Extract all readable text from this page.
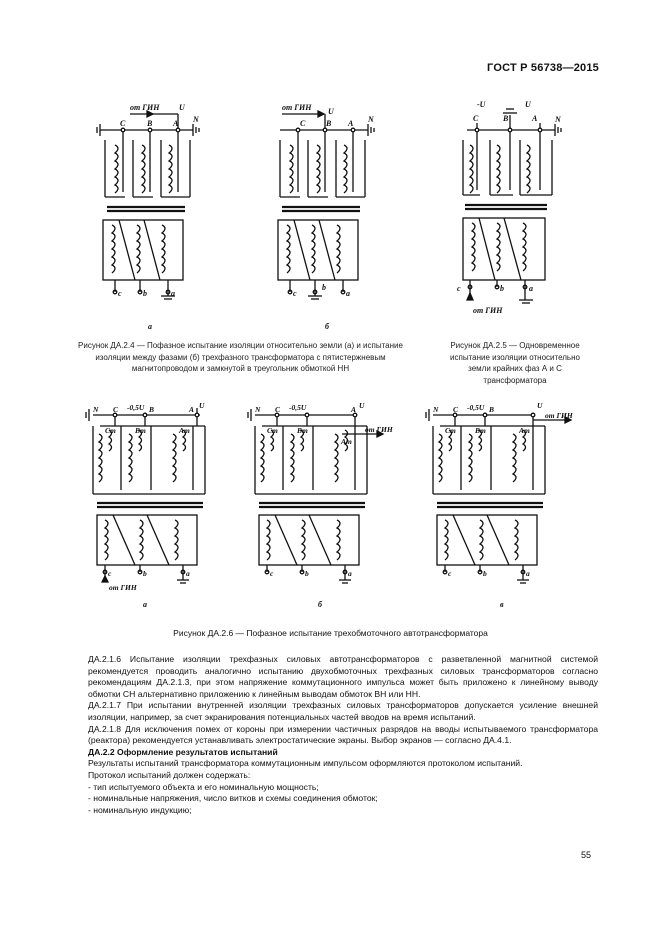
ГОСТ Р 56738—2015
от ГИН U
C	B	A N
c	b	a
а
от ГИН U
C	B A N
c
b
a
б
Рисунок ДА.2.4 — Пофазное испытание изоляции относительно земли (а) и испытание изоляции между фазами (б) трехфазного трансформатора с пятистержневым магнитопроводом и замкнутой в треугольник обмоткой НН
-U	U
C	B	A N
c	b	a
от ГИН
Рисунок ДА.2.5 — Одновременное испытание изоляции относительно земли крайних фаз А и С трансформатора
N C -0,5U B	U
A
Cт	Bт	Aт
c	b	a
от ГИН
а
N C -0,5U	A U
Cт	Bт
Aт
от ГИН
c	b	a
б
N C -0,5U B	U
от ГИН
Cт	Bт	Aт
c	b	a
в
Рисунок ДА.2.6 — Пофазное испытание трехобмоточного автотрансформатора

ДА.2.1.6 Испытание изоляции трехфазных силовых автотрансформаторов с разветвленной магнитной системой рекомендуется проводить аналогично испытанию двухобмоточных трехфазных силовых трансформаторов согласно рекомендациям ДА.2.1.3, при этом напряжение коммутационного импульса может быть приложено к линейному выводу обмотки СН альтернативно приложению к линейным выводам обмоток ВН или НН.

ДА.2.1.7 При испытании внутренней изоляции трехфазных силовых трансформаторов допускается усиление внешней изоляции, например, за счет экранирования потенциальных частей вводов на время испытаний.

ДА.2.1.8 Для исключения помех от короны при измерении частичных разрядов на вводы испытываемого трансформатора (реактора) рекомендуется устанавливать электростатические экраны. Выбор экранов — согласно ДА.4.1.

ДА.2.2 Оформление результатов испытаний

Результаты испытаний трансформатора коммутационным импульсом оформляются протоколом испытаний.

Протокол испытаний должен содержать:

- тип испытуемого объекта и его номинальную мощность;
- номинальные напряжения, число витков и схемы соединения обмоток;
- номинальную индукцию;
55
